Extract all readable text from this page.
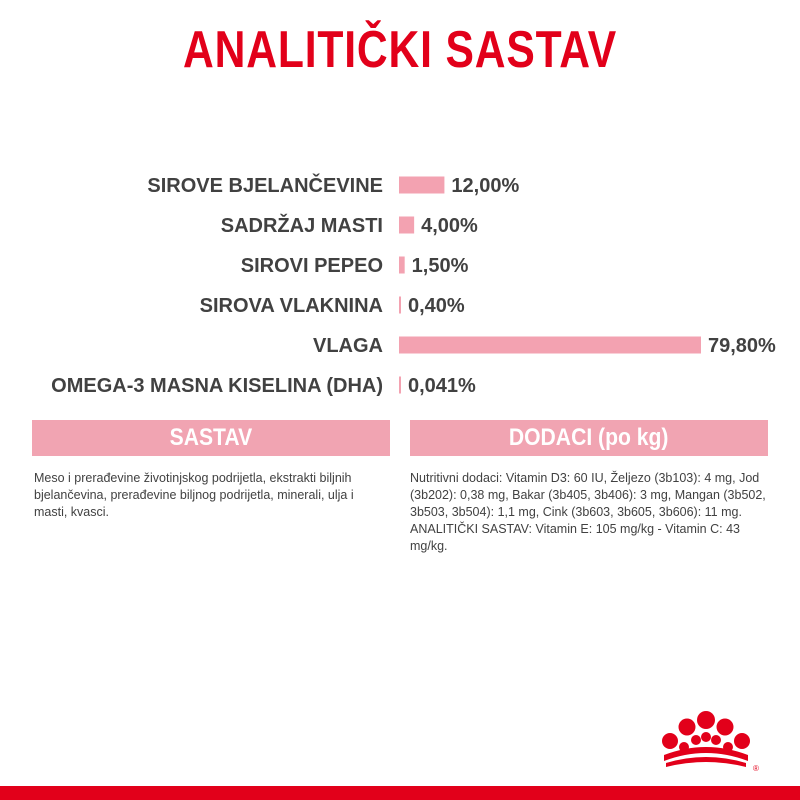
ANALITIČKI SASTAV
SIROVE BJELANČEVINE	12,00%
SADRŽAJ MASTI 4,00%
SIROVI PEPEO 1,50%
SIROVA VLAKNINA 0,40%
VLAGA	79,80%
OMEGA-3 MASNA KISELINA (DHA) 0,041%
SASTAV	DODACI (po kg)
Meso i prerađevine životinjskog podrijetla, ekstrakti biljnih bjelančevina, prerađevine biljnog podrijetla, minerali, ulja i masti, kvasci.

Nutritivni dodaci: Vitamin D3: 60 IU, Željezo (3b103): 4 mg, Jod (3b202): 0,38 mg, Bakar (3b405, 3b406): 3 mg, Mangan (3b502, 3b503, 3b504): 1,1 mg, Cink (3b603, 3b605, 3b606): 11 mg.

ANALITIČKI SASTAV: Vitamin E: 105 mg/kg - Vitamin C: 43 mg/kg.

®
